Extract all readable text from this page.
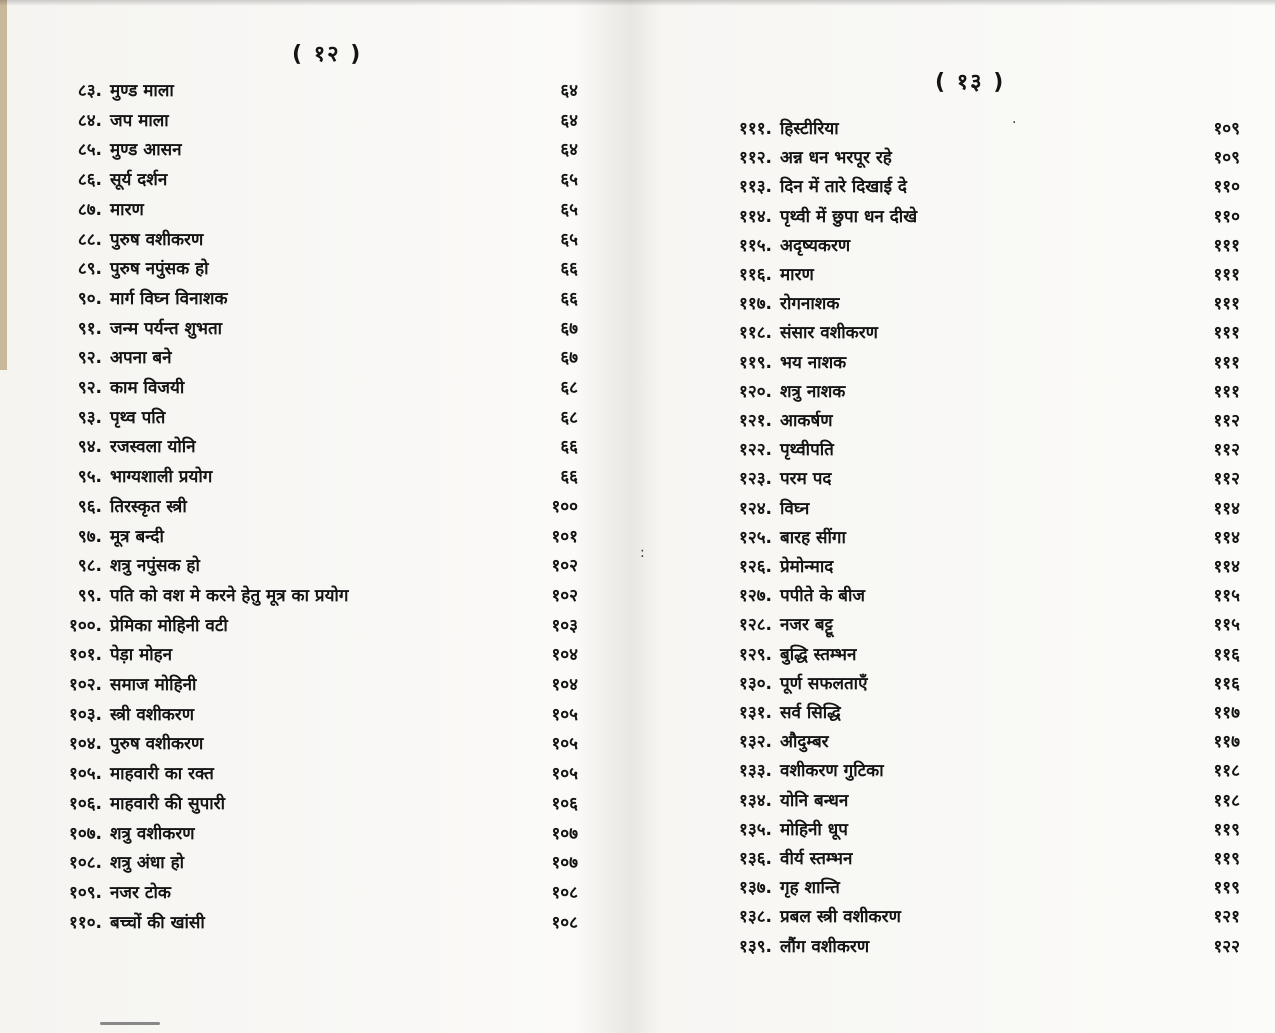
( १२ )
८३. मुण्ड माला	६४
८४. जप माला	६४
८५. मुण्ड आसन	६४
८६. सूर्य दर्शन	६५
८७. मारण	६५
८८. पुरुष वशीकरण	६५
८९. पुरुष नपुंसक हो	६६
९०. मार्ग विघ्न विनाशक	६६
९१. जन्म पर्यन्त शुभता	६७
९२. अपना बने	६७
९२. काम विजयी	६८
९३. पृथ्व पति	६८
९४. रजस्वला योनि	६६
९५. भाग्यशाली प्रयोग	६६
९६. तिरस्कृत स्त्री	१००
९७. मूत्र बन्दी	१०१
९८. शत्रु नपुंसक हो	१०२
९९. पति को वश मे करने हेतु मूत्र का प्रयोग	१०२
१००. प्रेमिका मोहिनी वटी	१०३
१०१. पेड़ा मोहन	१०४
१०२. समाज मोहिनी	१०४
१०३. स्त्री वशीकरण	१०५
१०४. पुरुष वशीकरण	१०५
१०५. माहवारी का रक्त	१०५
१०६. माहवारी की सुपारी	१०६
१०७. शत्रु वशीकरण	१०७
१०८. शत्रु अंधा हो	१०७
१०९. नजर टोक	१०८
११०. बच्चों की खांसी	१०८
( १३ )
१११. हिस्टीरिया	१०९
११२. अन्न धन भरपूर रहे	१०९
११३. दिन में तारे दिखाई दे	११०
११४. पृथ्वी में छुपा धन दीखे	११०
११५. अदृष्यकरण	१११
११६. मारण	१११
११७. रोगनाशक	१११
११८. संसार वशीकरण	१११
११९. भय नाशक	१११
१२०. शत्रु नाशक	१११
१२१. आकर्षण	११२
१२२. पृथ्वीपति	११२
१२३. परम पद	११२
१२४. विघ्न	११४
१२५. बारह सींगा	११४
१२६. प्रेमोन्माद	११४
१२७. पपीते के बीज	११५
१२८. नजर बट्टू	११५
१२९. बुद्धि स्तम्भन	११६
१३०. पूर्ण सफलताएँ	११६
१३१. सर्व सिद्धि	११७
१३२. औदुम्बर	११७
१३३. वशीकरण गुटिका	११८
१३४. योनि बन्धन	११८
१३५. मोहिनी धूप	११९
१३६. वीर्य स्तम्भन	११९
१३७. गृह शान्ति	११९
१३८. प्रबल स्त्री वशीकरण	१२१
१३९. लौंग वशीकरण	१२२
·
:
